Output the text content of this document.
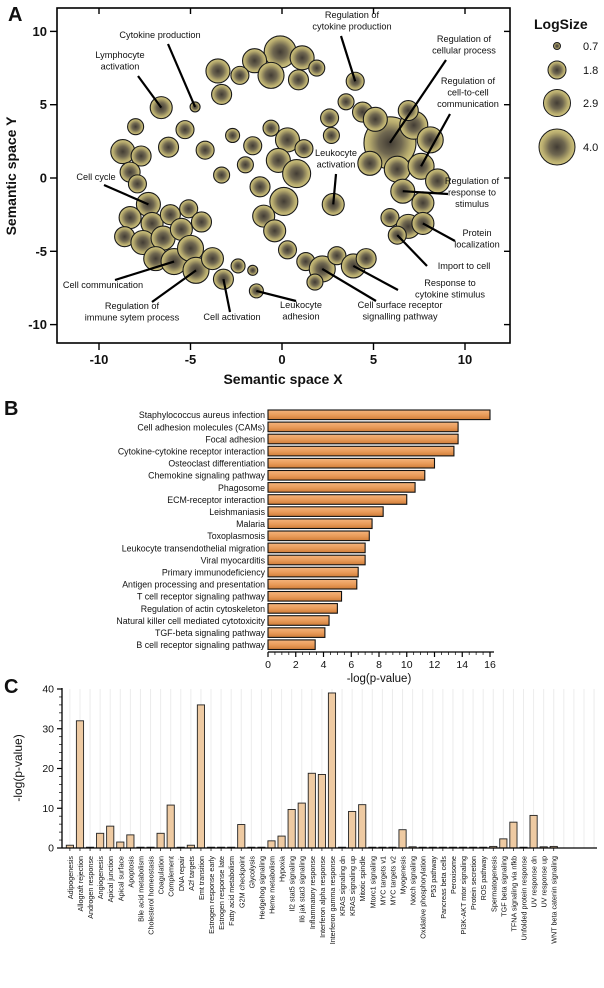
A
B
C
-10	-5	0	5	10
-10
-5
0
5
10
Semantic space X
Semantic space Y
Cytokine production
Lymphocyte
activation
Regulation of
cytokine production
Regulation of
cellular process
Regulation of
cell-to-cell
communication
Leukocyte
activation
Regulation of
response to
stimulus
Protein
localization
Import to cell
Response to
cytokine stimulus
Cell surface receptor
signalling pathway
Leukocyte
adhesion
Cell activation
Regulation of
immune sytem process
Cell communication
Cell cycle
LogSize
0.7
1.8
2.9
4.0
Staphylococcus aureus infection
Cell adhesion molecules (CAMs)
Focal adhesion
Cytokine-cytokine receptor interaction
Osteoclast differentiation
Chemokine signaling pathway
Phagosome
ECM-receptor interaction
Leishmaniasis
Malaria
Toxoplasmosis
Leukocyte transendothelial migration
Viral myocarditis
Primary immunodeficiency
Antigen processing and presentation
T cell receptor signaling pathway
Regulation of actin cytoskeleton
Natural killer cell mediated cytotoxicity
TGF-beta signaling pathway
B cell receptor signaling pathway
0 2 4 6 8 10 12 14 16
-log(p-value)
0
10
20
30
40
-log(p-value)
Adipogenesis Allograft rejection Androgen response Angiogenesis Apical junction Apical surface Apoptosis Bile acid metabolism Cholesterol homeostasis Coagulation Complement DNA repair A2f targets Emt transition Estrogen response early Estrogen response late Fatty acid metabolism G2M checkpoint Glycolysis Hedgehog signaling Heme metabolism Hypoxia Il2 stat5 signaling Il6 jak stat3 signaling Inflammatory response Interferon alpha response Interferon gamma response KRAS signaling dn KRAS signaling up Mitotic spindle Mtorc1 signaling MYC targets v1 MYC targets v2 Myogenesis Notch signaling Oxidative phosphorylation P53 pathway Pancreas beta cells Peroxisome PI3K-AKT mtor signaling Protein secretion ROS pathway Spermatogenesis TGF beta signaling TFNA signaling via nfkb Unfolded protein response UV response dn UV response up WNT beta catenin signaling
